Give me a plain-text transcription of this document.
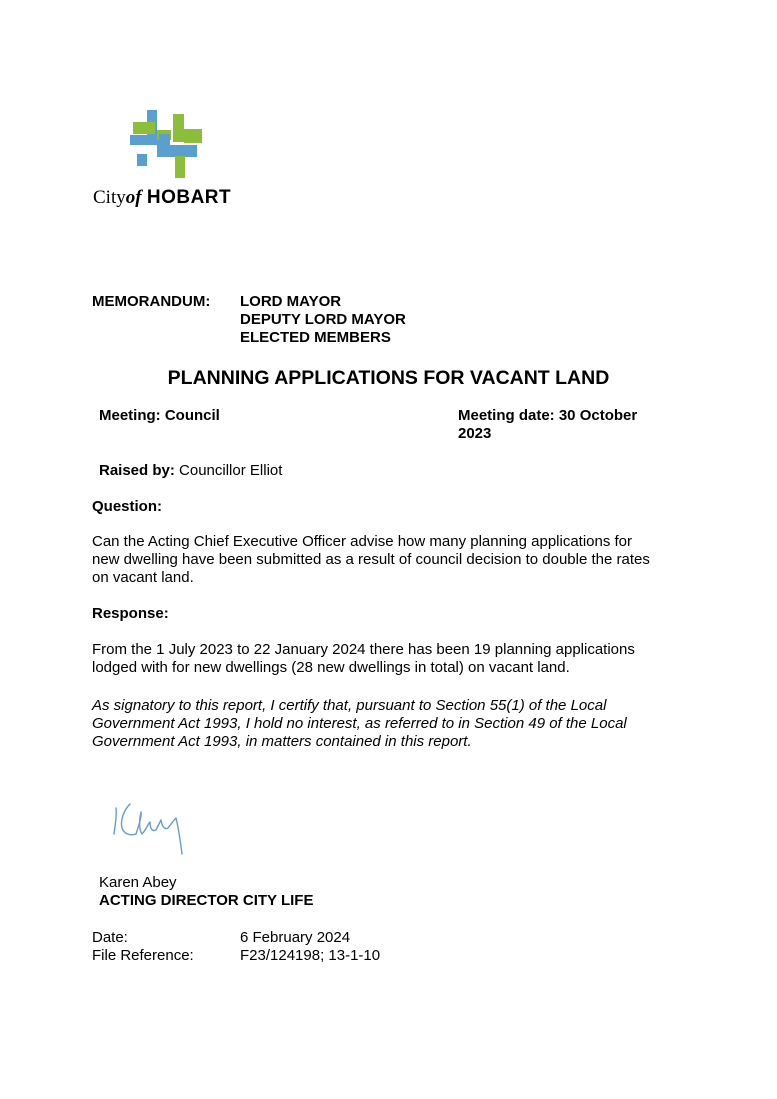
Cityof HOBART
MEMORANDUM: LORD MAYOR
DEPUTY LORD MAYOR
ELECTED MEMBERS
PLANNING APPLICATIONS FOR VACANT LAND
Meeting: Council	Meeting date: 30 October
2023
Raised by: Councillor Elliot
Question:
Can the Acting Chief Executive Officer advise how many planning applications for
new dwelling have been submitted as a result of council decision to double the rates
on vacant land.
Response:
From the 1 July 2023 to 22 January 2024 there has been 19 planning applications
lodged with for new dwellings (28 new dwellings in total) on vacant land.
As signatory to this report, I certify that, pursuant to Section 55(1) of the Local
Government Act 1993, I hold no interest, as referred to in Section 49 of the Local
Government Act 1993, in matters contained in this report.
Karen Abey
ACTING DIRECTOR CITY LIFE
Date:	6 February 2024
File Reference:	F23/124198; 13-1-10
